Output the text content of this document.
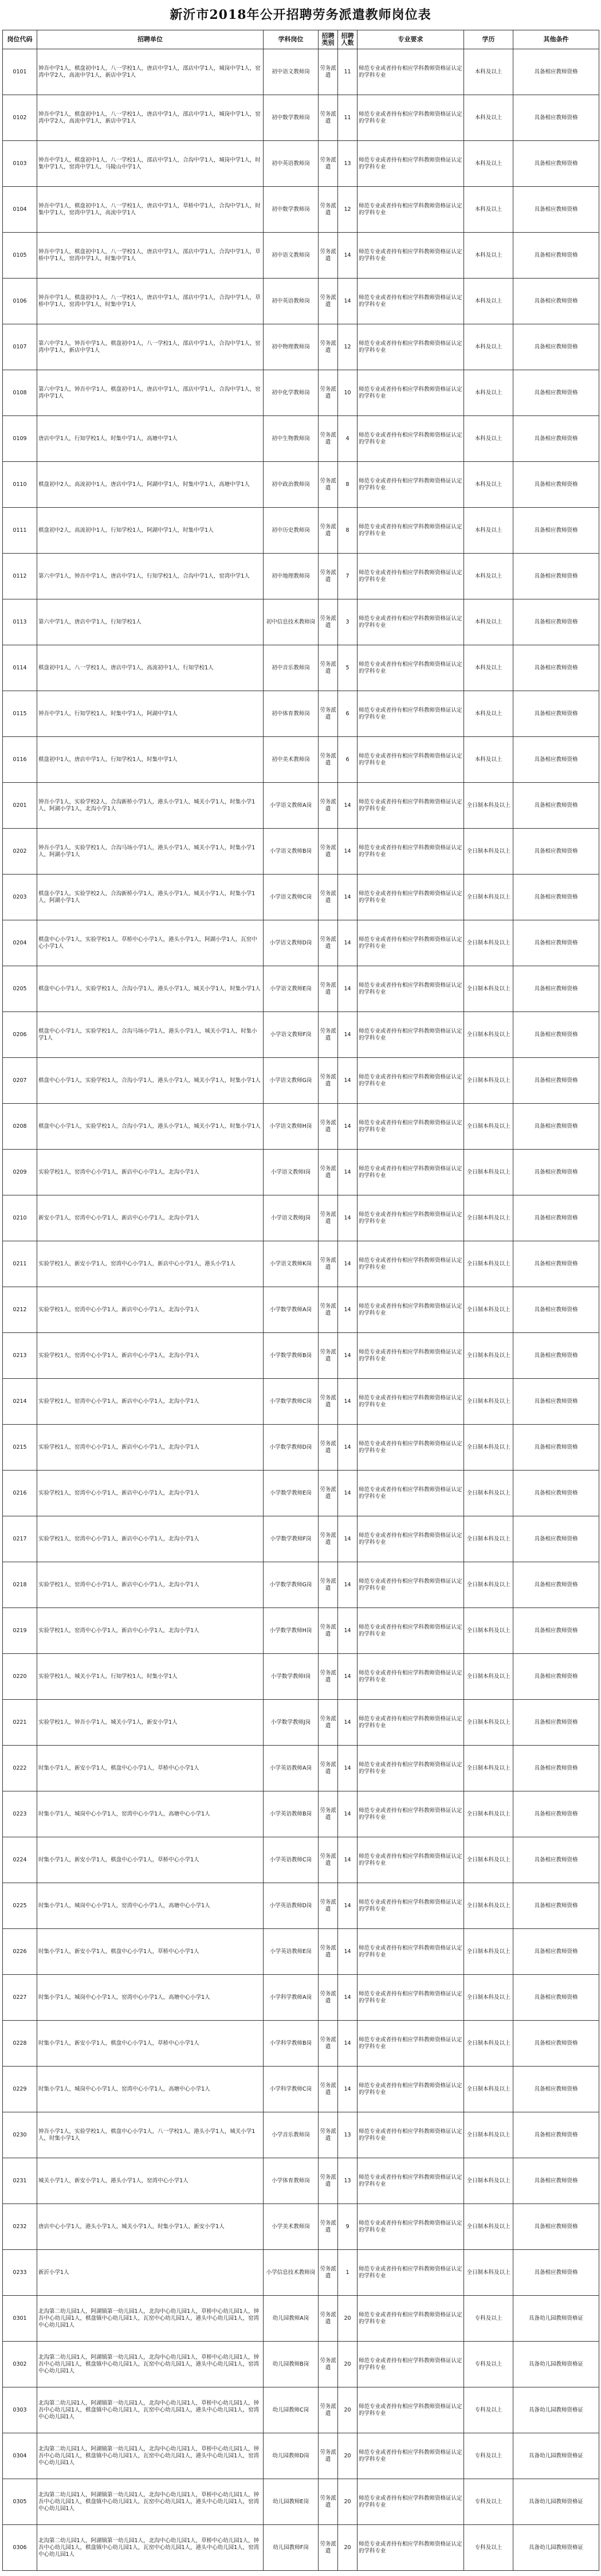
新沂市2018年公开招聘劳务派遣教师岗位表
岗位代码	招聘单位	学科岗位	招聘类别	招聘人数	专业要求	学历	其他条件
0101	钟吾中学1人，棋盘初中1人，八一学校1人，唐店中学1人，邵店中学1人，城岗中学1人，窑湾中学2人，高流中学1人，新店中学1人	初中语文教师岗	劳务派遣	11	师范专业或者持有相应学科教师资格证认定的学科专业	本科及以上	具备相应教师资格
0102	钟吾中学1人，棋盘初中1人，八一学校1人，唐店中学1人，邵店中学1人，城岗中学1人，窑湾中学2人，高流中学1人，新店中学1人	初中数学教师岗	劳务派遣	11	师范专业或者持有相应学科教师资格证认定的学科专业	本科及以上	具备相应教师资格
0103	钟吾中学1人，棋盘初中1人，八一学校1人，邵店中学1人，合沟中学1人，城岗中学1人，时集中学1人，窑湾中学1人，马陵山中学1人	初中英语教师岗	劳务派遣	13	师范专业或者持有相应学科教师资格证认定的学科专业	本科及以上	具备相应教师资格
0104	钟吾中学1人，棋盘初中1人，八一学校1人，唐店中学1人，草桥中学1人，合沟中学1人，时集中学1人，窑湾中学1人，高流中学1人	初中数学教师岗	劳务派遣	12	师范专业或者持有相应学科教师资格证认定的学科专业	本科及以上	具备相应教师资格
0105	钟吾中学1人，棋盘初中1人，八一学校1人，唐店中学1人，邵店中学1人，合沟中学1人，草桥中学1人，窑湾中学1人，时集中学1人	初中语文教师岗	劳务派遣	14	师范专业或者持有相应学科教师资格证认定的学科专业	本科及以上	具备相应教师资格
0106	钟吾中学1人，棋盘初中1人，八一学校1人，唐店中学1人，邵店中学1人，合沟中学1人，草桥中学1人，窑湾中学1人，时集中学1人	初中英语教师岗	劳务派遣	14	师范专业或者持有相应学科教师资格证认定的学科专业	本科及以上	具备相应教师资格
0107	第六中学1人，钟吾中学1人，棋盘初中1人，八一学校1人，邵店中学1人，合沟中学1人，窑湾中学1人，新店中学1人	初中物理教师岗	劳务派遣	12	师范专业或者持有相应学科教师资格证认定的学科专业	本科及以上	具备相应教师资格
0108	第六中学1人，钟吾中学1人，棋盘初中1人，唐店中学1人，邵店中学1人，合沟中学1人，窑湾中学1人	初中化学教师岗	劳务派遣	10	师范专业或者持有相应学科教师资格证认定的学科专业	本科及以上	具备相应教师资格
0109	唐店中学1人，行知学校1人，时集中学1人，高塘中学1人	初中生物教师岗	劳务派遣	4	师范专业或者持有相应学科教师资格证认定的学科专业	本科及以上	具备相应教师资格
0110	棋盘初中2人，高流初中1人，唐店中学1人，阿湖中学1人，时集中学1人，高塘中学1人	初中政治教师岗	劳务派遣	8	师范专业或者持有相应学科教师资格证认定的学科专业	本科及以上	具备相应教师资格
0111	棋盘初中2人，高流初中1人，行知学校1人，阿湖中学1人，时集中学1人	初中历史教师岗	劳务派遣	8	师范专业或者持有相应学科教师资格证认定的学科专业	本科及以上	具备相应教师资格
0112	第六中学1人，钟吾中学1人，唐店中学1人，行知学校1人，合沟中学1人，窑湾中学1人	初中地理教师岗	劳务派遣	7	师范专业或者持有相应学科教师资格证认定的学科专业	本科及以上	具备相应教师资格
0113	第六中学1人，唐店中学1人，行知学校1人	初中信息技术教师岗	劳务派遣	3	师范专业或者持有相应学科教师资格证认定的学科专业	本科及以上	具备相应教师资格
0114	棋盘初中1人，八一学校1人，唐店中学1人，高流初中1人，行知学校1人	初中音乐教师岗	劳务派遣	5	师范专业或者持有相应学科教师资格证认定的学科专业	本科及以上	具备相应教师资格
0115	钟吾中学1人，行知学校1人，时集中学1人，阿湖中学1人	初中体育教师岗	劳务派遣	6	师范专业或者持有相应学科教师资格证认定的学科专业	本科及以上	具备相应教师资格
0116	棋盘初中1人，唐店中学1人，行知学校1人，时集中学1人	初中美术教师岗	劳务派遣	6	师范专业或者持有相应学科教师资格证认定的学科专业	本科及以上	具备相应教师资格
0201	钟吾小学1人，实验学校2人，合沟新桥小学1人，港头小学1人，城关小学1人，时集小学1人，阿湖小学1人，北沟小学1人	小学语文教师A岗	劳务派遣	14	师范专业或者持有相应学科教师资格证认定的学科专业	全日制本科及以上	具备相应教师资格
0202	钟吾小学1人，实验学校1人，合沟马场小学1人，港头小学1人，城关小学1人，时集小学1人，阿湖小学1人	小学语文教师B岗	劳务派遣	14	师范专业或者持有相应学科教师资格证认定的学科专业	全日制本科及以上	具备相应教师资格
0203	棋盘小学1人，实验学校2人，合沟新桥小学1人，港头小学1人，城关小学1人，时集小学1人，阿湖小学1人	小学语文教师C岗	劳务派遣	14	师范专业或者持有相应学科教师资格证认定的学科专业	全日制本科及以上	具备相应教师资格
0204	棋盘中心小学1人，实验学校1人，草桥中心小学1人，港头小学1人，阿湖小学1人，瓦窑中心小学1人	小学语文教师D岗	劳务派遣	14	师范专业或者持有相应学科教师资格证认定的学科专业	全日制本科及以上	具备相应教师资格
0205	棋盘中心小学1人，实验学校1人，合沟小学1人，港头小学1人，城关小学1人，时集小学1人	小学语文教师E岗	劳务派遣	14	师范专业或者持有相应学科教师资格证认定的学科专业	全日制本科及以上	具备相应教师资格
0206	棋盘中心小学1人，实验学校1人，合沟马场小学1人，港头小学1人，城关小学1人，时集小学1人	小学语文教师F岗	劳务派遣	14	师范专业或者持有相应学科教师资格证认定的学科专业	全日制本科及以上	具备相应教师资格
0207	棋盘中心小学1人，实验学校1人，合沟小学1人，港头小学1人，城关小学1人，时集小学1人	小学语文教师G岗	劳务派遣	14	师范专业或者持有相应学科教师资格证认定的学科专业	全日制本科及以上	具备相应教师资格
0208	棋盘中心小学1人，实验学校1人，合沟小学1人，港头小学1人，城关小学1人，时集小学1人	小学语文教师H岗	劳务派遣	14	师范专业或者持有相应学科教师资格证认定的学科专业	全日制本科及以上	具备相应教师资格
0209	实验学校1人，窑湾中心小学1人，新店中心小学1人，北沟小学1人	小学语文教师I岗	劳务派遣	14	师范专业或者持有相应学科教师资格证认定的学科专业	全日制本科及以上	具备相应教师资格
0210	新安小学1人，窑湾中心小学1人，新店中心小学1人，北沟小学1人	小学语文教师J岗	劳务派遣	14	师范专业或者持有相应学科教师资格证认定的学科专业	全日制本科及以上	具备相应教师资格
0211	实验学校1人，新安小学1人，窑湾中心小学1人，新店中心小学1人，港头小学1人	小学语文教师K岗	劳务派遣	14	师范专业或者持有相应学科教师资格证认定的学科专业	全日制本科及以上	具备相应教师资格
0212	实验学校1人，窑湾中心小学1人，新店中心小学1人，北沟小学1人	小学数学教师A岗	劳务派遣	14	师范专业或者持有相应学科教师资格证认定的学科专业	全日制本科及以上	具备相应教师资格
0213	实验学校1人，窑湾中心小学1人，新店中心小学1人，北沟小学1人	小学数学教师B岗	劳务派遣	14	师范专业或者持有相应学科教师资格证认定的学科专业	全日制本科及以上	具备相应教师资格
0214	实验学校1人，窑湾中心小学1人，新店中心小学1人，北沟小学1人	小学数学教师C岗	劳务派遣	14	师范专业或者持有相应学科教师资格证认定的学科专业	全日制本科及以上	具备相应教师资格
0215	实验学校1人，窑湾中心小学1人，新店中心小学1人，北沟小学1人	小学数学教师D岗	劳务派遣	14	师范专业或者持有相应学科教师资格证认定的学科专业	全日制本科及以上	具备相应教师资格
0216	实验学校1人，窑湾中心小学1人，新店中心小学1人，北沟小学1人	小学数学教师E岗	劳务派遣	14	师范专业或者持有相应学科教师资格证认定的学科专业	全日制本科及以上	具备相应教师资格
0217	实验学校1人，窑湾中心小学1人，新店中心小学1人，北沟小学1人	小学数学教师F岗	劳务派遣	14	师范专业或者持有相应学科教师资格证认定的学科专业	全日制本科及以上	具备相应教师资格
0218	实验学校1人，窑湾中心小学1人，新店中心小学1人，北沟小学1人	小学数学教师G岗	劳务派遣	14	师范专业或者持有相应学科教师资格证认定的学科专业	全日制本科及以上	具备相应教师资格
0219	实验学校1人，窑湾中心小学1人，新店中心小学1人，北沟小学1人	小学数学教师H岗	劳务派遣	14	师范专业或者持有相应学科教师资格证认定的学科专业	全日制本科及以上	具备相应教师资格
0220	实验学校1人，城关小学1人，行知学校1人，时集小学1人	小学数学教师I岗	劳务派遣	14	师范专业或者持有相应学科教师资格证认定的学科专业	全日制本科及以上	具备相应教师资格
0221	实验学校1人，钟吾小学1人，城关小学1人，新安小学1人	小学数学教师J岗	劳务派遣	14	师范专业或者持有相应学科教师资格证认定的学科专业	全日制本科及以上	具备相应教师资格
0222	时集小学1人，新安小学1人，棋盘中心小学1人，草桥中心小学1人	小学英语教师A岗	劳务派遣	14	师范专业或者持有相应学科教师资格证认定的学科专业	全日制本科及以上	具备相应教师资格
0223	时集小学1人，城岗中心小学1人，窑湾中心小学1人，高塘中心小学1人	小学英语教师B岗	劳务派遣	14	师范专业或者持有相应学科教师资格证认定的学科专业	全日制本科及以上	具备相应教师资格
0224	时集小学1人，新安小学1人，棋盘中心小学1人，草桥中心小学1人	小学英语教师C岗	劳务派遣	14	师范专业或者持有相应学科教师资格证认定的学科专业	全日制本科及以上	具备相应教师资格
0225	时集小学1人，城岗中心小学1人，窑湾中心小学1人，高塘中心小学1人	小学英语教师D岗	劳务派遣	14	师范专业或者持有相应学科教师资格证认定的学科专业	全日制本科及以上	具备相应教师资格
0226	时集小学1人，新安小学1人，棋盘中心小学1人，草桥中心小学1人	小学英语教师E岗	劳务派遣	14	师范专业或者持有相应学科教师资格证认定的学科专业	全日制本科及以上	具备相应教师资格
0227	时集小学1人，城岗中心小学1人，窑湾中心小学1人，高塘中心小学1人	小学科学教师A岗	劳务派遣	14	师范专业或者持有相应学科教师资格证认定的学科专业	全日制本科及以上	具备相应教师资格
0228	时集小学1人，新安小学1人，棋盘中心小学1人，草桥中心小学1人	小学科学教师B岗	劳务派遣	14	师范专业或者持有相应学科教师资格证认定的学科专业	全日制本科及以上	具备相应教师资格
0229	时集小学1人，城岗中心小学1人，窑湾中心小学1人，高塘中心小学1人	小学科学教师C岗	劳务派遣	14	师范专业或者持有相应学科教师资格证认定的学科专业	全日制本科及以上	具备相应教师资格
0230	钟吾小学1人，实验学校1人，棋盘中心小学1人，八一学校1人，港头小学1人，城关小学1人，时集小学1人	小学音乐教师岗	劳务派遣	13	师范专业或者持有相应学科教师资格证认定的学科专业	全日制本科及以上	具备相应教师资格
0231	城关小学1人，新安小学1人，港头小学1人，窑湾中心小学1人	小学体育教师岗	劳务派遣	13	师范专业或者持有相应学科教师资格证认定的学科专业	全日制本科及以上	具备相应教师资格
0232	唐店中心小学1人，港头小学1人，城关小学1人，时集小学1人，新安小学1人	小学美术教师岗	劳务派遣	9	师范专业或者持有相应学科教师资格证认定的学科专业	全日制本科及以上	具备相应教师资格
0233	新沂小学1人	小学信息技术教师岗	劳务派遣	1	师范专业或者持有相应学科教师资格证认定的学科专业	全日制本科及以上	具备相应教师资格
0301	北沟第二幼儿园1人，阿湖镇第一幼儿园1人，北沟中心幼儿园1人，草桥中心幼儿园1人，钟吾中心幼儿园1人，棋盘镇中心幼儿园1人，瓦窑中心幼儿园1人，港头中心幼儿园1人，窑湾中心幼儿园1人	幼儿园教师A岗	劳务派遣	20	师范专业或者持有相应学科教师资格证认定的学科专业	专科及以上	具备幼儿园教师资格证
0302	北沟第二幼儿园1人，阿湖镇第一幼儿园1人，北沟中心幼儿园1人，草桥中心幼儿园1人，钟吾中心幼儿园1人，棋盘镇中心幼儿园1人，瓦窑中心幼儿园1人，港头中心幼儿园1人，窑湾中心幼儿园1人	幼儿园教师B岗	劳务派遣	20	师范专业或者持有相应学科教师资格证认定的学科专业	专科及以上	具备幼儿园教师资格证
0303	北沟第二幼儿园1人，阿湖镇第一幼儿园1人，北沟中心幼儿园1人，草桥中心幼儿园1人，钟吾中心幼儿园1人，棋盘镇中心幼儿园1人，瓦窑中心幼儿园1人，港头中心幼儿园1人，窑湾中心幼儿园1人	幼儿园教师C岗	劳务派遣	20	师范专业或者持有相应学科教师资格证认定的学科专业	专科及以上	具备幼儿园教师资格证
0304	北沟第二幼儿园1人，阿湖镇第一幼儿园1人，北沟中心幼儿园1人，草桥中心幼儿园1人，钟吾中心幼儿园1人，棋盘镇中心幼儿园1人，瓦窑中心幼儿园1人，港头中心幼儿园1人，窑湾中心幼儿园1人	幼儿园教师D岗	劳务派遣	20	师范专业或者持有相应学科教师资格证认定的学科专业	专科及以上	具备幼儿园教师资格证
0305	北沟第二幼儿园1人，阿湖镇第一幼儿园1人，北沟中心幼儿园1人，草桥中心幼儿园1人，钟吾中心幼儿园1人，棋盘镇中心幼儿园1人，瓦窑中心幼儿园1人，港头中心幼儿园1人，窑湾中心幼儿园1人	幼儿园教师E岗	劳务派遣	20	师范专业或者持有相应学科教师资格证认定的学科专业	专科及以上	具备幼儿园教师资格证
0306	北沟第二幼儿园1人，阿湖镇第一幼儿园1人，北沟中心幼儿园1人，草桥中心幼儿园1人，钟吾中心幼儿园1人，棋盘镇中心幼儿园1人，瓦窑中心幼儿园1人，港头中心幼儿园1人，窑湾中心幼儿园1人	幼儿园教师F岗	劳务派遣	20	师范专业或者持有相应学科教师资格证认定的学科专业	专科及以上	具备幼儿园教师资格证
